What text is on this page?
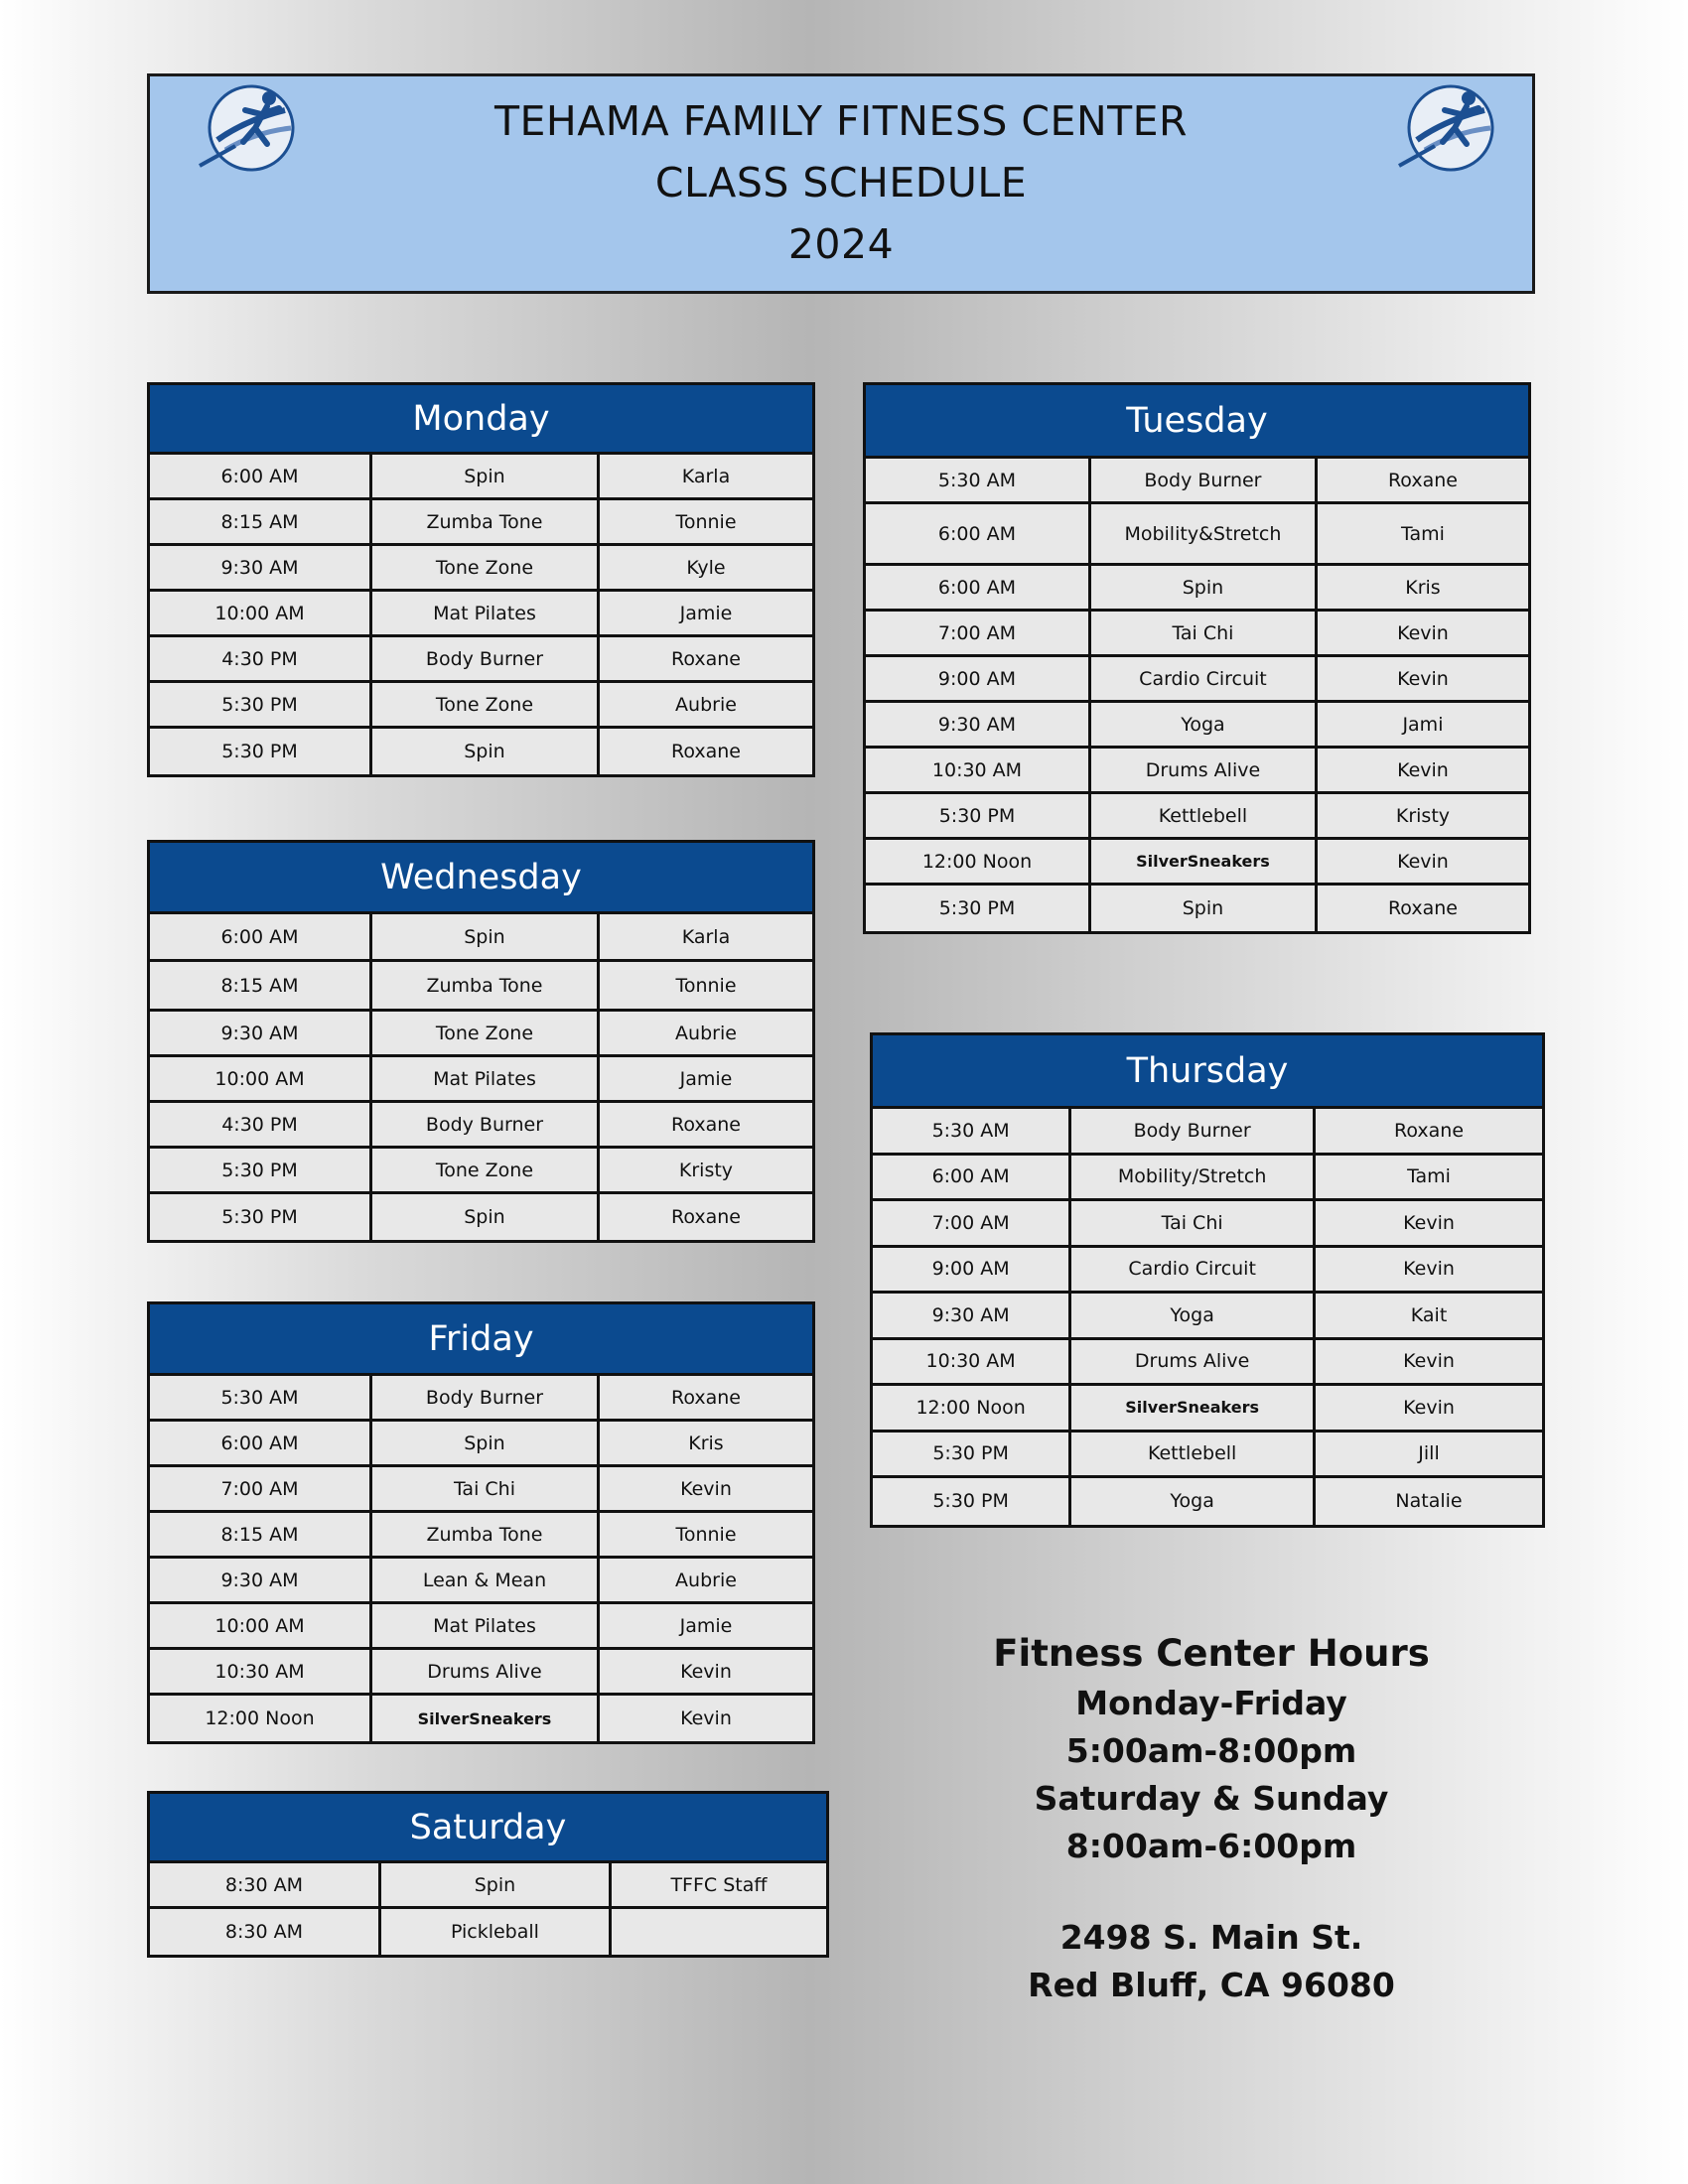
TEHAMA FAMILY FITNESS CENTER
CLASS SCHEDULE
2024
Monday
6:00 AM	Spin	Karla
8:15 AM	Zumba Tone	Tonnie
9:30 AM	Tone Zone	Kyle
10:00 AM	Mat Pilates	Jamie
4:30 PM	Body Burner	Roxane
5:30 PM	Tone Zone	Aubrie
5:30 PM	Spin	Roxane
Tuesday
5:30 AM	Body Burner	Roxane
6:00 AM	Mobility&Stretch	Tami
6:00 AM	Spin	Kris
7:00 AM	Tai Chi	Kevin
9:00 AM	Cardio Circuit	Kevin
9:30 AM	Yoga	Jami
10:30 AM	Drums Alive	Kevin
5:30 PM	Kettlebell	Kristy
12:00 Noon	SilverSneakers	Kevin
5:30 PM	Spin	Roxane
Wednesday
6:00 AM	Spin	Karla
8:15 AM	Zumba Tone	Tonnie
9:30 AM	Tone Zone	Aubrie
10:00 AM	Mat Pilates	Jamie
4:30 PM	Body Burner	Roxane
5:30 PM	Tone Zone	Kristy
5:30 PM	Spin	Roxane
Thursday
5:30 AM	Body Burner	Roxane
6:00 AM	Mobility/Stretch	Tami
7:00 AM	Tai Chi	Kevin
9:00 AM	Cardio Circuit	Kevin
9:30 AM	Yoga	Kait
10:30 AM	Drums Alive	Kevin
12:00 Noon	SilverSneakers	Kevin
5:30 PM	Kettlebell	Jill
5:30 PM	Yoga	Natalie
Friday
5:30 AM	Body Burner	Roxane
6:00 AM	Spin	Kris
7:00 AM	Tai Chi	Kevin
8:15 AM	Zumba Tone	Tonnie
9:30 AM	Lean & Mean	Aubrie
10:00 AM	Mat Pilates	Jamie
10:30 AM	Drums Alive	Kevin
12:00 Noon	SilverSneakers	Kevin
Saturday
8:30 AM	Spin	TFFC Staff
8:30 AM	Pickleball
Fitness Center Hours
Monday-Friday
5:00am-8:00pm
Saturday & Sunday
8:00am-6:00pm
2498 S. Main St.
Red Bluff, CA 96080
